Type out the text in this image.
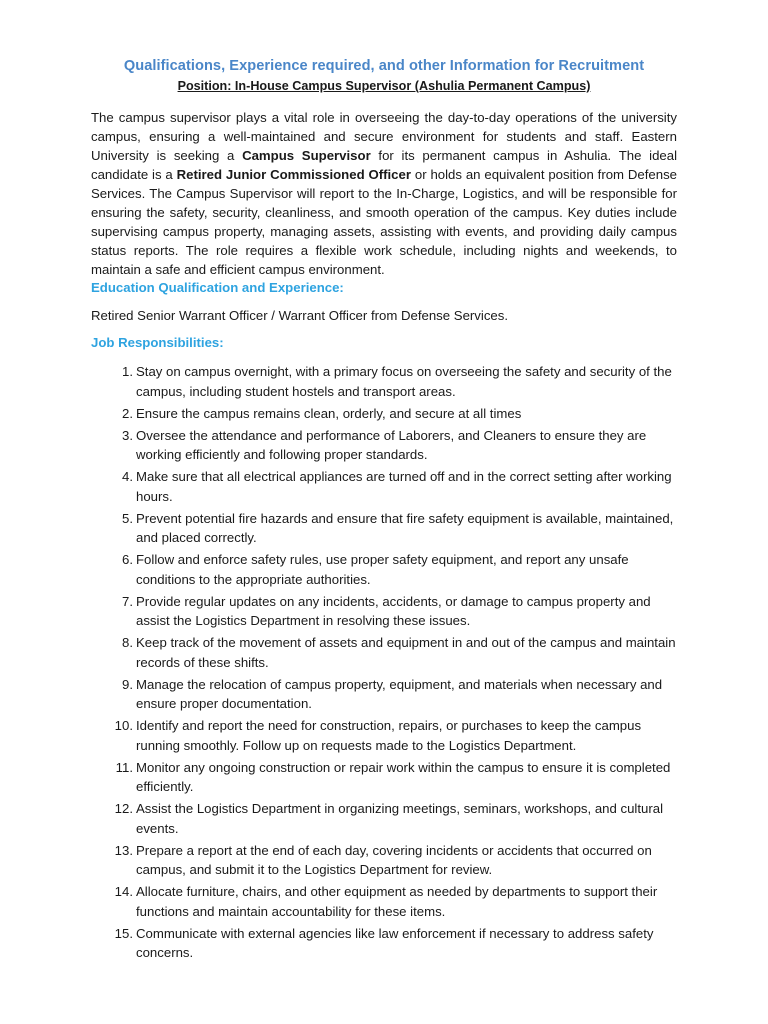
Qualifications, Experience required, and other Information for Recruitment
Position: In-House Campus Supervisor (Ashulia Permanent Campus)

The campus supervisor plays a vital role in overseeing the day-to-day operations of the university campus, ensuring a well-maintained and secure environment for students and staff. Eastern University is seeking a Campus Supervisor for its permanent campus in Ashulia. The ideal candidate is a Retired Junior Commissioned Officer or holds an equivalent position from Defense Services. The Campus Supervisor will report to the In-Charge, Logistics, and will be responsible for ensuring the safety, security, cleanliness, and smooth operation of the campus. Key duties include supervising campus property, managing assets, assisting with events, and providing daily campus status reports. The role requires a flexible work schedule, including nights and weekends, to maintain a safe and efficient campus environment.

Education Qualification and Experience:
Retired Senior Warrant Officer / Warrant Officer from Defense Services.
Job Responsibilities:
1. Stay on campus overnight, with a primary focus on overseeing the safety and security of the campus, including student hostels and transport areas.
2. Ensure the campus remains clean, orderly, and secure at all times
3. Oversee the attendance and performance of Laborers, and Cleaners to ensure they are working efficiently and following proper standards.
4. Make sure that all electrical appliances are turned off and in the correct setting after working hours.
5. Prevent potential fire hazards and ensure that fire safety equipment is available, maintained, and placed correctly.
6. Follow and enforce safety rules, use proper safety equipment, and report any unsafe conditions to the appropriate authorities.
7. Provide regular updates on any incidents, accidents, or damage to campus property and assist the Logistics Department in resolving these issues.
8. Keep track of the movement of assets and equipment in and out of the campus and maintain records of these shifts.
9. Manage the relocation of campus property, equipment, and materials when necessary and ensure proper documentation.
10. Identify and report the need for construction, repairs, or purchases to keep the campus running smoothly. Follow up on requests made to the Logistics Department.
11. Monitor any ongoing construction or repair work within the campus to ensure it is completed efficiently.
12. Assist the Logistics Department in organizing meetings, seminars, workshops, and cultural events.
13. Prepare a report at the end of each day, covering incidents or accidents that occurred on campus, and submit it to the Logistics Department for review.
14. Allocate furniture, chairs, and other equipment as needed by departments to support their functions and maintain accountability for these items.
15. Communicate with external agencies like law enforcement if necessary to address safety concerns.
